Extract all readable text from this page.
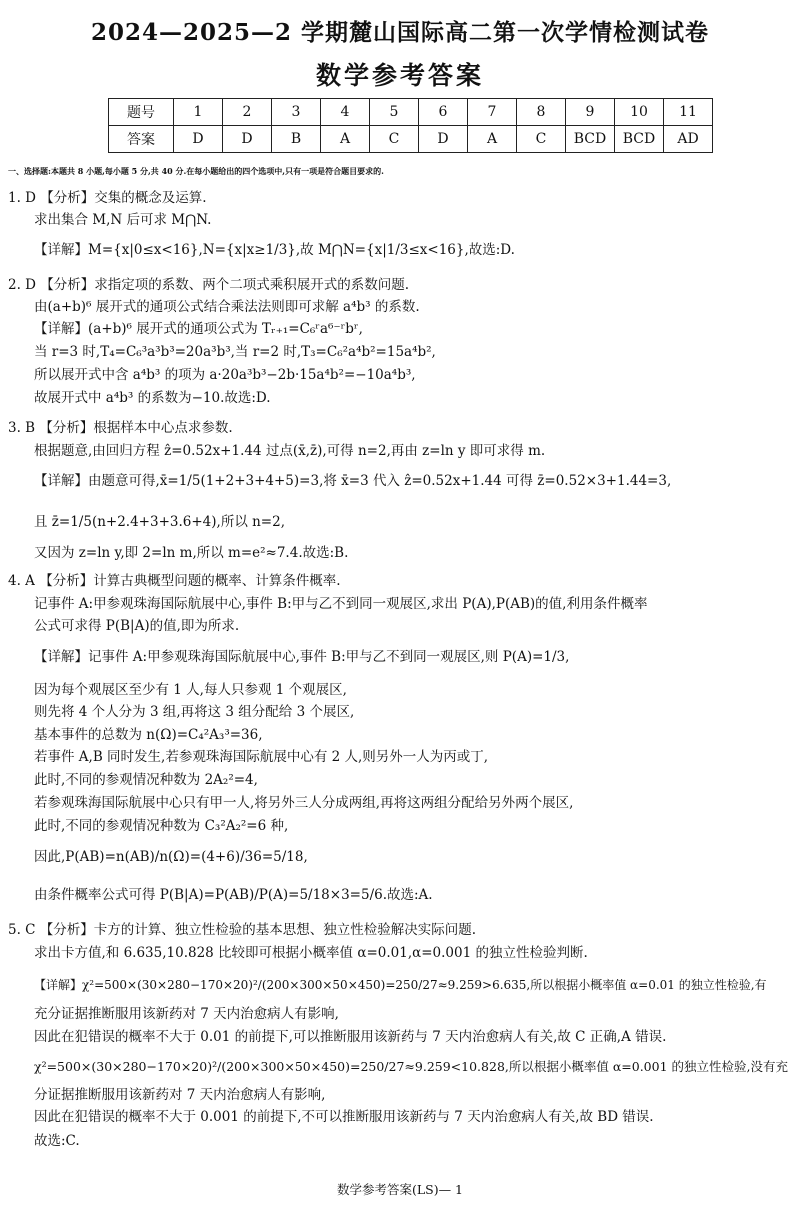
2024—2025—2 学期麓山国际高二第一次学情检测试卷
数学参考答案
题号	1	2	3	4	5	6	7	8	9	10	11
答案	D	D	B	A	C	D	A	C	BCD	BCD	AD
一、选择题:本题共 8 小题,每小题 5 分,共 40 分.在每小题给出的四个选项中,只有一项是符合题目要求的.
1. D 【分析】交集的概念及运算.
求出集合 M,N 后可求 M⋂N.
【详解】M={x|0≤x<16},N={x|x≥1/3},故 M⋂N={x|1/3≤x<16},故选:D.
2. D 【分析】求指定项的系数、两个二项式乘积展开式的系数问题.
由(a+b)⁶ 展开式的通项公式结合乘法法则即可求解 a⁴b³ 的系数.
【详解】(a+b)⁶ 展开式的通项公式为 Tᵣ₊₁=C₆ʳa⁶⁻ʳbʳ,
当 r=3 时,T₄=C₆³a³b³=20a³b³,当 r=2 时,T₃=C₆²a⁴b²=15a⁴b²,
所以展开式中含 a⁴b³ 的项为 a·20a³b³−2b·15a⁴b²=−10a⁴b³,
故展开式中 a⁴b³ 的系数为−10.故选:D.
3. B 【分析】根据样本中心点求参数.
根据题意,由回归方程 ẑ=0.52x+1.44 过点(x̄,z̄),可得 n=2,再由 z=ln y 即可求得 m.
【详解】由题意可得,x̄=1/5(1+2+3+4+5)=3,将 x̄=3 代入 ẑ=0.52x+1.44 可得 z̄=0.52×3+1.44=3,
且 z̄=1/5(n+2.4+3+3.6+4),所以 n=2,
又因为 z=ln y,即 2=ln m,所以 m=e²≈7.4.故选:B.
4. A 【分析】计算古典概型问题的概率、计算条件概率.
记事件 A:甲参观珠海国际航展中心,事件 B:甲与乙不到同一观展区,求出 P(A),P(AB)的值,利用条件概率
公式可求得 P(B|A)的值,即为所求.
【详解】记事件 A:甲参观珠海国际航展中心,事件 B:甲与乙不到同一观展区,则 P(A)=1/3,
因为每个观展区至少有 1 人,每人只参观 1 个观展区,
则先将 4 个人分为 3 组,再将这 3 组分配给 3 个展区,
基本事件的总数为 n(Ω)=C₄²A₃³=36,
若事件 A,B 同时发生,若参观珠海国际航展中心有 2 人,则另外一人为丙或丁,
此时,不同的参观情况种数为 2A₂²=4,
若参观珠海国际航展中心只有甲一人,将另外三人分成两组,再将这两组分配给另外两个展区,
此时,不同的参观情况种数为 C₃²A₂²=6 种,
因此,P(AB)=n(AB)/n(Ω)=(4+6)/36=5/18,
由条件概率公式可得 P(B|A)=P(AB)/P(A)=5/18×3=5/6.故选:A.
5. C 【分析】卡方的计算、独立性检验的基本思想、独立性检验解决实际问题.
求出卡方值,和 6.635,10.828 比较即可根据小概率值 α=0.01,α=0.001 的独立性检验判断.
【详解】χ²=500×(30×280−170×20)²/(200×300×50×450)=250/27≈9.259>6.635,所以根据小概率值 α=0.01 的独立性检验,有
充分证据推断服用该新药对 7 天内治愈病人有影响,
因此在犯错误的概率不大于 0.01 的前提下,可以推断服用该新药与 7 天内治愈病人有关,故 C 正确,A 错误.
χ²=500×(30×280−170×20)²/(200×300×50×450)=250/27≈9.259<10.828,所以根据小概率值 α=0.001 的独立性检验,没有充
分证据推断服用该新药对 7 天内治愈病人有影响,
因此在犯错误的概率不大于 0.001 的前提下,不可以推断服用该新药与 7 天内治愈病人有关,故 BD 错误.
故选:C.
数学参考答案(LS)— 1
